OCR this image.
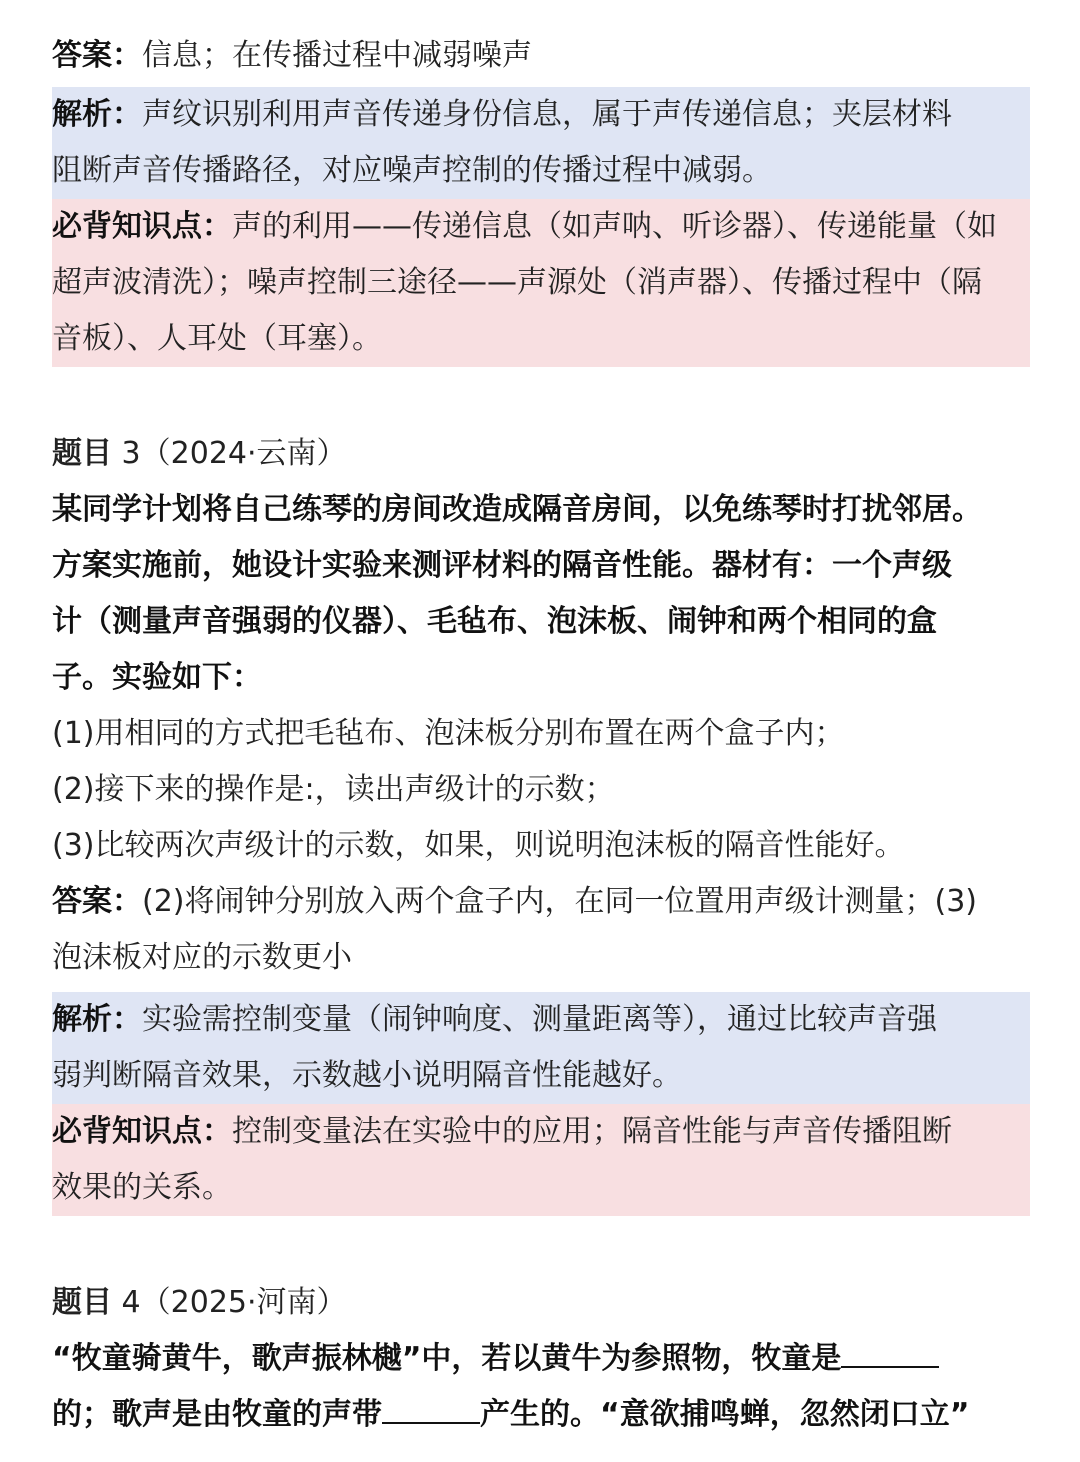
答案：信息；在传播过程中减弱噪声
解析：声纹识别利用声音传递身份信息，属于声传递信息；夹层材料
阻断声音传播路径，对应噪声控制的传播过程中减弱。
必背知识点：声的利用——传递信息（如声呐、听诊器）、传递能量（如
超声波清洗）；噪声控制三途径——声源处（消声器）、传播过程中（隔
音板）、人耳处（耳塞）。
题目 3（2024·云南）
某同学计划将自己练琴的房间改造成隔音房间，以免练琴时打扰邻居。
方案实施前，她设计实验来测评材料的隔音性能。器材有：一个声级
计（测量声音强弱的仪器）、毛毡布、泡沫板、闹钟和两个相同的盒
子。实验如下：
(1)用相同的方式把毛毡布、泡沫板分别布置在两个盒子内；
(2)接下来的操作是:，读出声级计的示数；
(3)比较两次声级计的示数，如果，则说明泡沫板的隔音性能好。
答案：(2)将闹钟分别放入两个盒子内，在同一位置用声级计测量；(3)
泡沫板对应的示数更小
解析：实验需控制变量（闹钟响度、测量距离等），通过比较声音强
弱判断隔音效果，示数越小说明隔音性能越好。
必背知识点：控制变量法在实验中的应用；隔音性能与声音传播阻断
效果的关系。
题目 4（2025·河南）
“牧童骑黄牛，歌声振林樾”中，若以黄牛为参照物，牧童是
的；歌声是由牧童的声带	产生的。“意欲捕鸣蝉，忽然闭口立”
